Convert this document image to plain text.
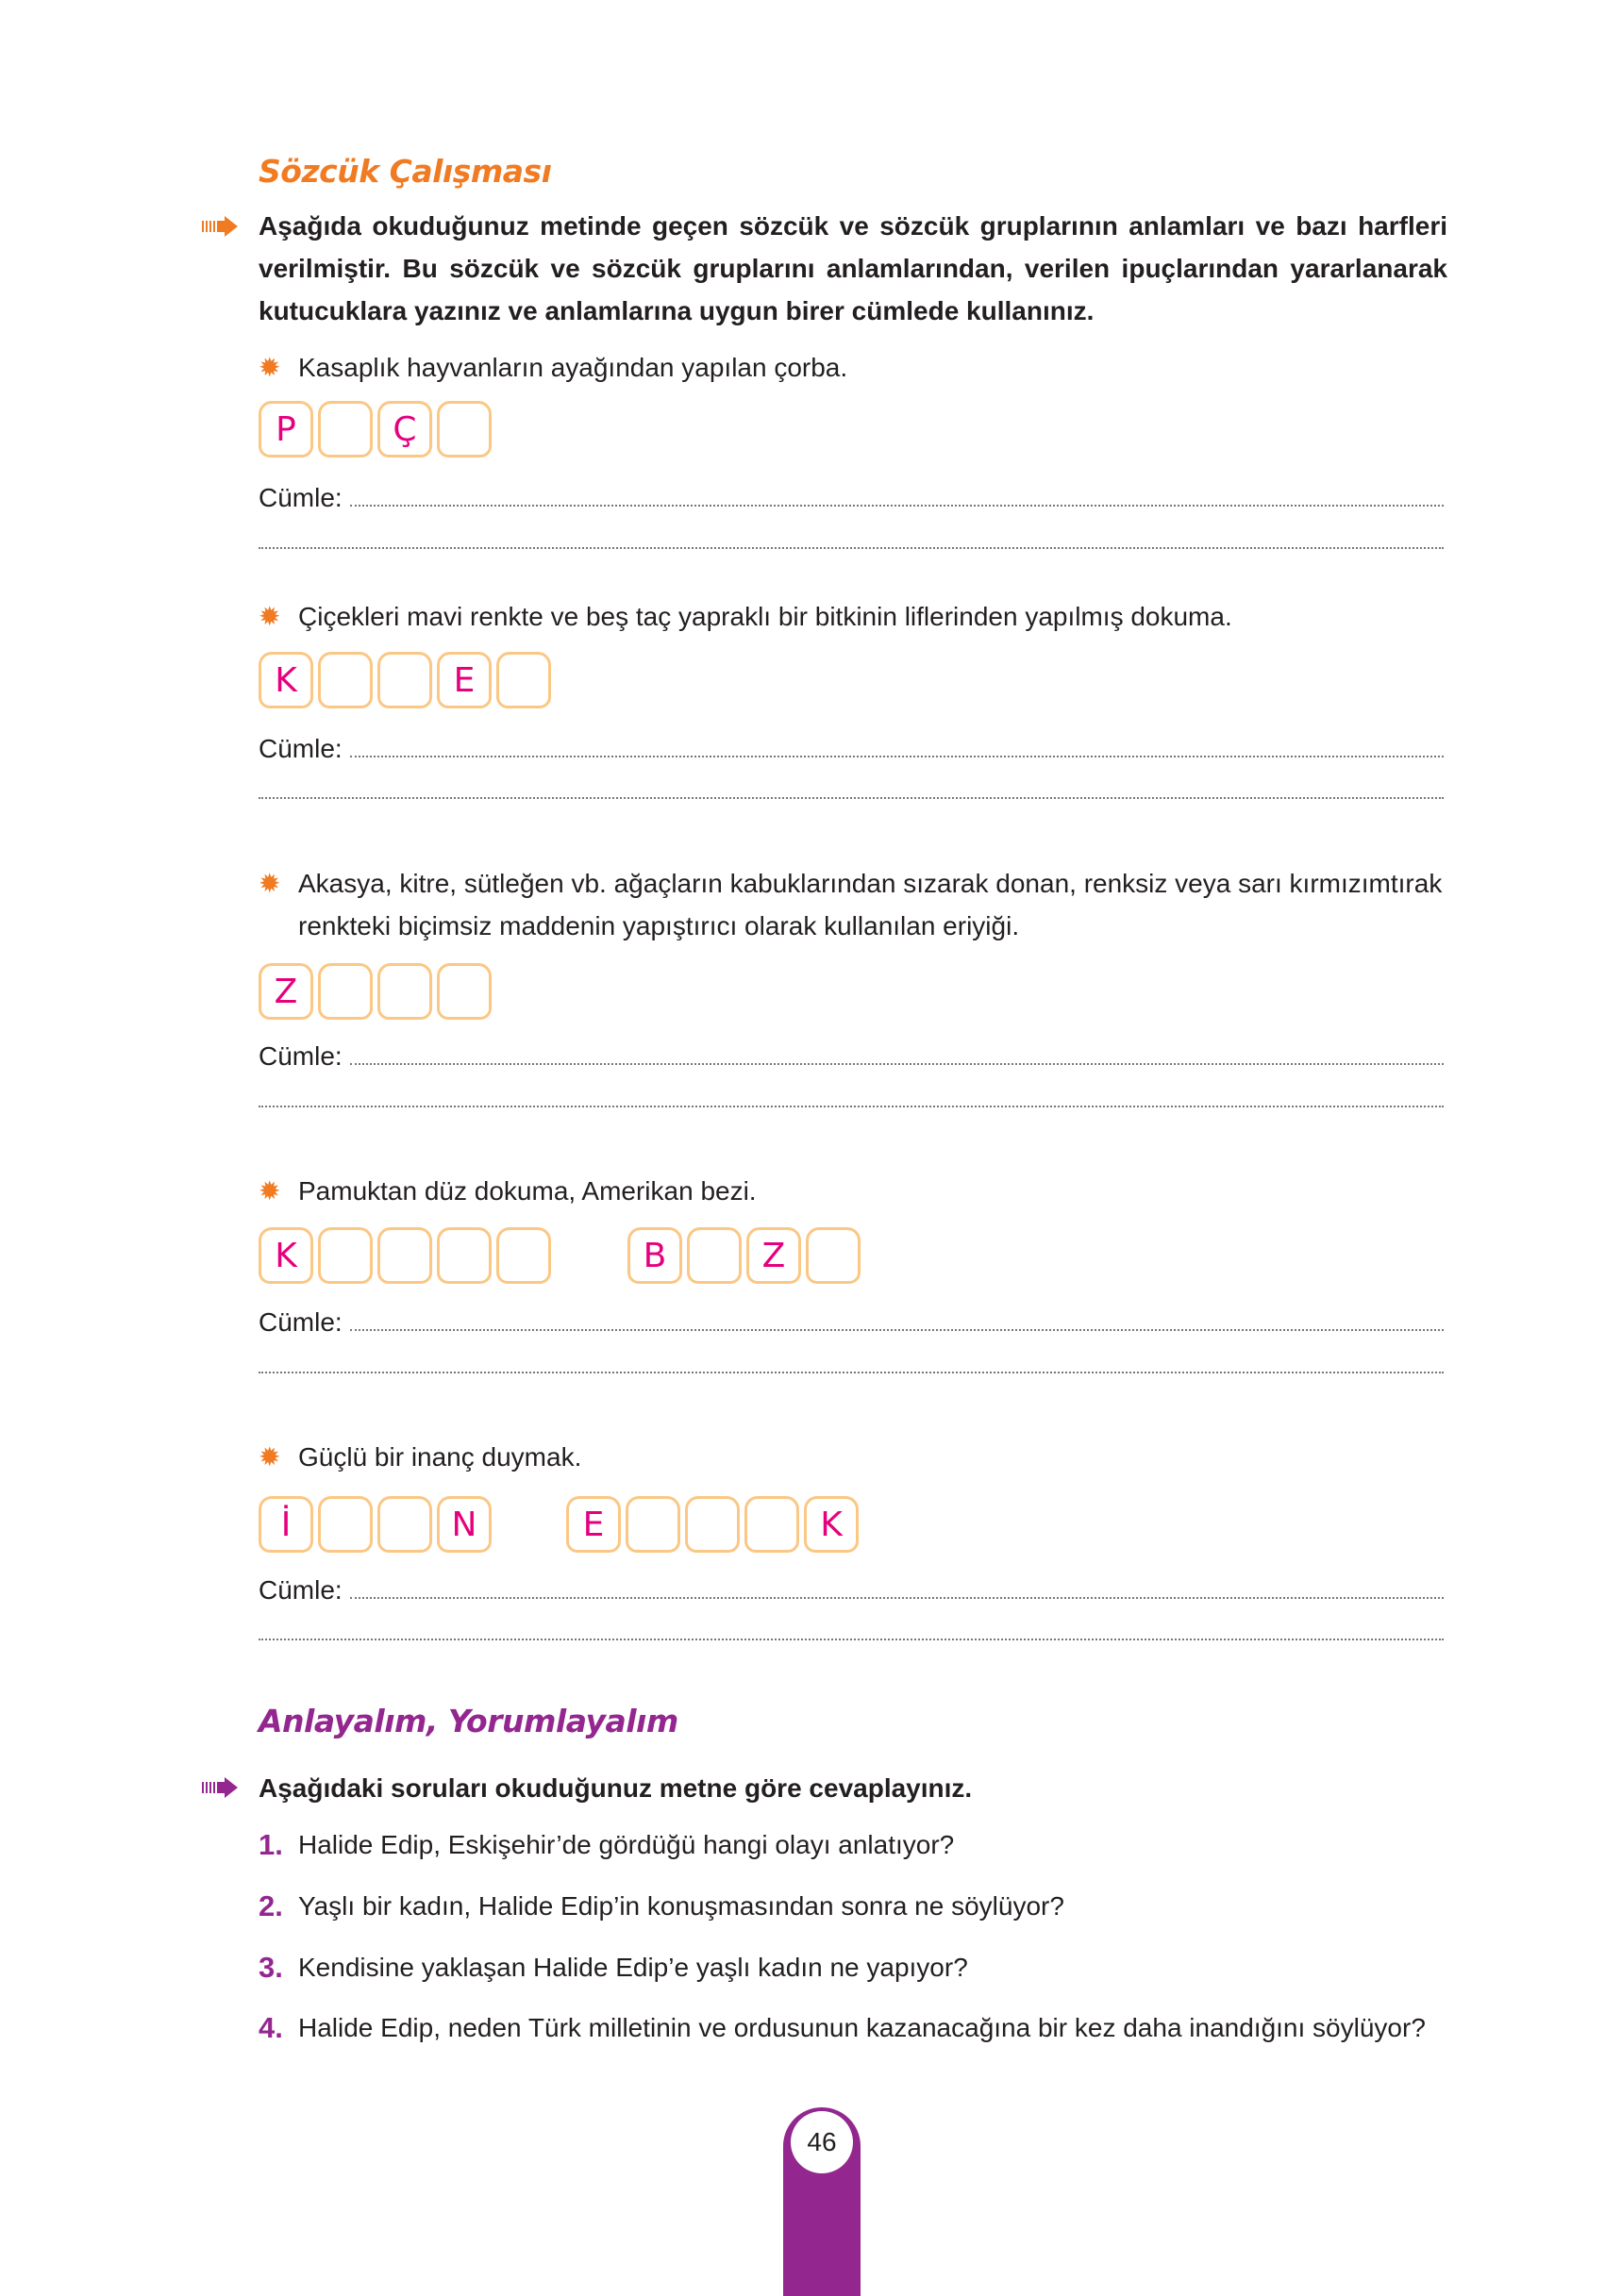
Sözcük Çalışması
Aşağıda okuduğunuz metinde geçen sözcük ve sözcük gruplarının anlamları ve bazı harfleri verilmiştir. Bu sözcük ve sözcük gruplarını anlamlarından, verilen ipuçlarından yararlanarak kutucuklara yazınız ve anlamlarına uygun birer cümlede kullanınız.
✹ Kasaplık hayvanların ayağından yapılan çorba.
P	Ç
Cümle:
✹ Çiçekleri mavi renkte ve beş taç yapraklı bir bitkinin liflerinden yapılmış dokuma.
K	E
Cümle:
✹ Akasya, kitre, sütleğen vb. ağaçların kabuklarından sızarak donan, renksiz veya sarı kırmızımtırak renkteki biçimsiz maddenin yapıştırıcı olarak kullanılan eriyiği.
Z
Cümle:
✹ Pamuktan düz dokuma, Amerikan bezi.
K	B	Z
Cümle:
✹ Güçlü bir inanç duymak.
İ	N	E	K
Cümle:
Anlayalım, Yorumlayalım
Aşağıdaki soruları okuduğunuz metne göre cevaplayınız.
1. Halide Edip, Eskişehir’de gördüğü hangi olayı anlatıyor?
2. Yaşlı bir kadın, Halide Edip’in konuşmasından sonra ne söylüyor?
3. Kendisine yaklaşan Halide Edip’e yaşlı kadın ne yapıyor?
4. Halide Edip, neden Türk milletinin ve ordusunun kazanacağına bir kez daha inandığını söylüyor?
46
